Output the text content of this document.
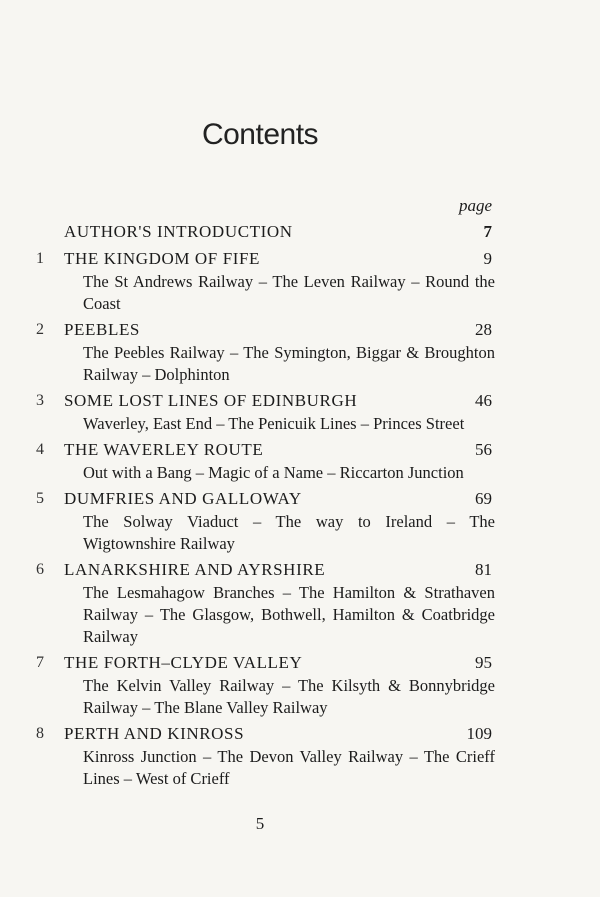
Contents
page
AUTHOR'S INTRODUCTION	7
1	THE KINGDOM OF FIFE	9
The St Andrews Railway – The Leven Railway – Round the Coast
2	PEEBLES	28
The Peebles Railway – The Symington, Biggar & Broughton Railway – Dolphinton
3	SOME LOST LINES OF EDINBURGH	46
Waverley, East End – The Penicuik Lines – Princes Street
4	THE WAVERLEY ROUTE	56
Out with a Bang – Magic of a Name – Riccarton Junction
5	DUMFRIES AND GALLOWAY	69
The Solway Viaduct – The way to Ireland – The Wigtownshire Railway
6	LANARKSHIRE AND AYRSHIRE	81
The Lesmahagow Branches – The Hamilton & Strathaven Railway – The Glasgow, Bothwell, Hamilton & Coatbridge Railway
7	THE FORTH–CLYDE VALLEY	95
The Kelvin Valley Railway – The Kilsyth & Bonnybridge Railway – The Blane Valley Railway
8	PERTH AND KINROSS	109
Kinross Junction – The Devon Valley Railway – The Crieff Lines – West of Crieff
5
